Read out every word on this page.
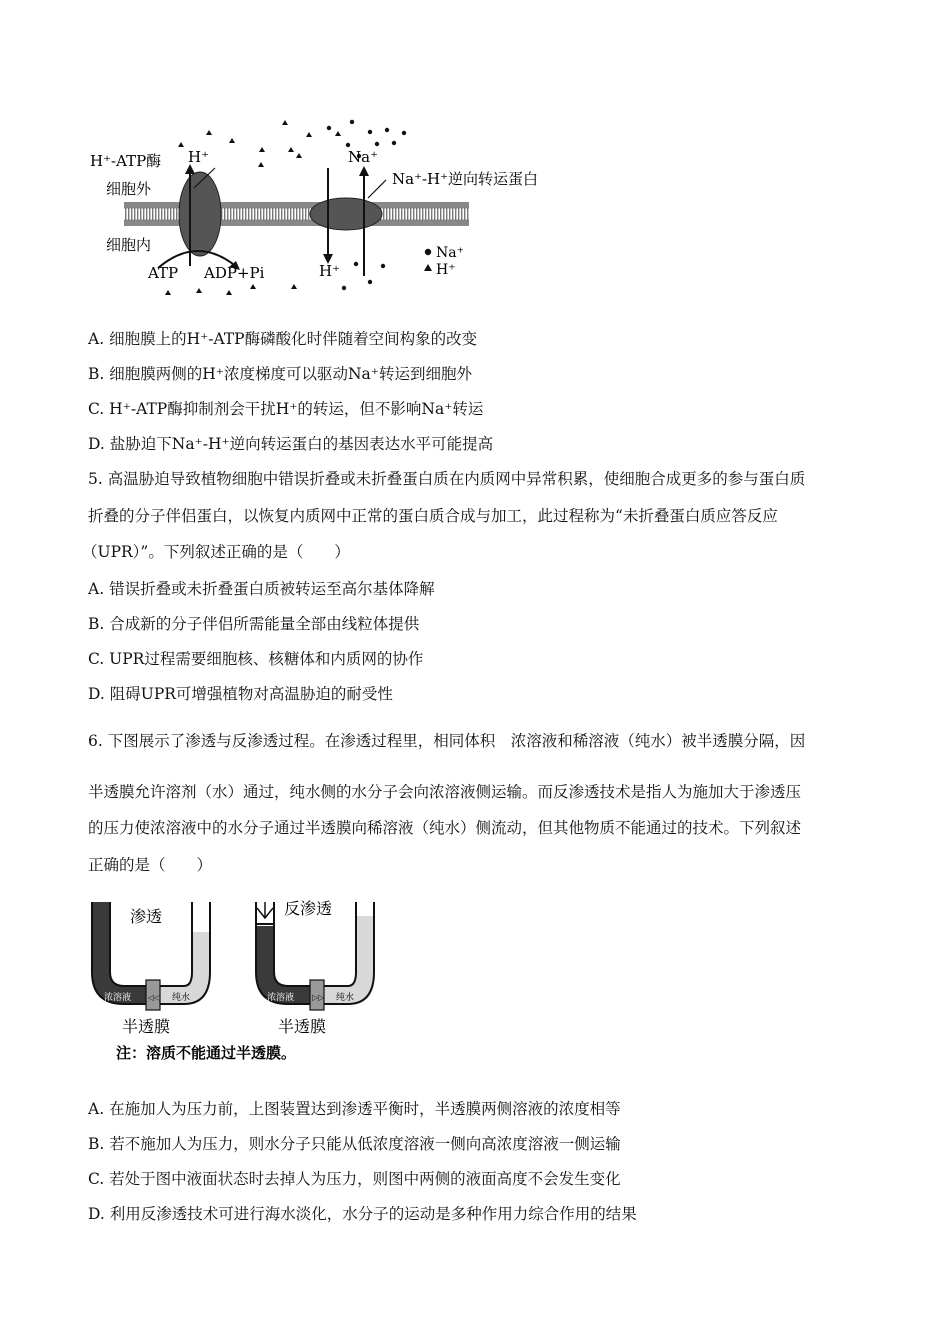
H⁺-ATP酶 H⁺	Na⁺
Na⁺-H⁺逆向转运蛋白
细胞外
细胞内
ATP ADP+Pi	H⁺
Na⁺
H⁺
A. 细胞膜上的H⁺-ATP酶磷酸化时伴随着空间构象的改变
B. 细胞膜两侧的H⁺浓度梯度可以驱动Na⁺转运到细胞外
C. H⁺-ATP酶抑制剂会干扰H⁺的转运，但不影响Na⁺转运
D. 盐胁迫下Na⁺-H⁺逆向转运蛋白的基因表达水平可能提高
5. 高温胁迫导致植物细胞中错误折叠或未折叠蛋白质在内质网中异常积累，使细胞合成更多的参与蛋白质
折叠的分子伴侣蛋白，以恢复内质网中正常的蛋白质合成与加工，此过程称为“未折叠蛋白质应答反应
（UPR）”。下列叙述正确的是（　　）
A. 错误折叠或未折叠蛋白质被转运至高尔基体降解
B. 合成新的分子伴侣所需能量全部由线粒体提供
C. UPR过程需要细胞核、核糖体和内质网的协作
D. 阻碍UPR可增强植物对高温胁迫的耐受性
6. 下图展示了渗透与反渗透过程。在渗透过程里，相同体积　浓溶液和稀溶液（纯水）被半透膜分隔，因
半透膜允许溶剂（水）通过，纯水侧的水分子会向浓溶液侧运输。而反渗透技术是指人为施加大于渗透压
的压力使浓溶液中的水分子通过半透膜向稀溶液（纯水）侧流动，但其他物质不能通过的技术。下列叙述
正确的是（　　）
渗透
浓溶液	纯水
◁◁
半透膜
反渗透
浓溶液	纯水
▷▷
半透膜
注：溶质不能通过半透膜。
A. 在施加人为压力前，上图装置达到渗透平衡时，半透膜两侧溶液的浓度相等
B. 若不施加人为压力，则水分子只能从低浓度溶液一侧向高浓度溶液一侧运输
C. 若处于图中液面状态时去掉人为压力，则图中两侧的液面高度不会发生变化
D. 利用反渗透技术可进行海水淡化，水分子的运动是多种作用力综合作用的结果
